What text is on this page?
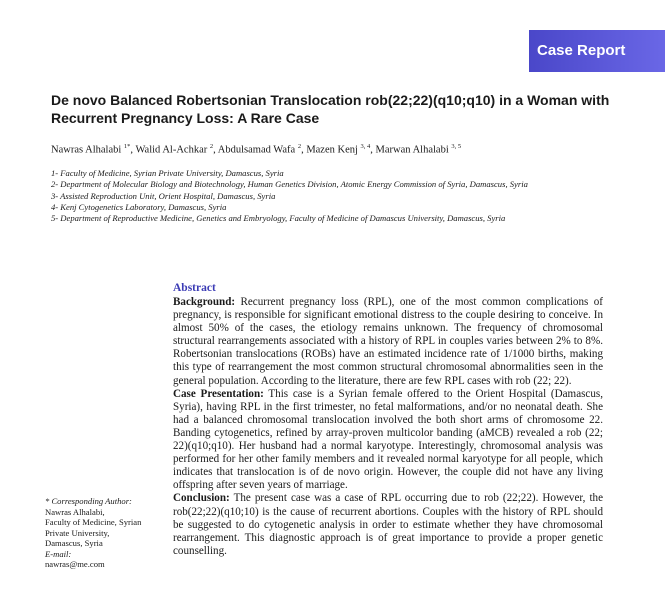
Case Report
De novo Balanced Robertsonian Translocation rob(22;22)(q10;q10) in a Woman with Recurrent Pregnancy Loss: A Rare Case
Nawras Alhalabi $^{1*}$, Walid Al-Achkar $^2$, Abdulsamad Wafa $^2$, Mazen Kenj $^{3, 4}$, Marwan Alhalabi $^{3, 5}$
1- Faculty of Medicine, Syrian Private University, Damascus, Syria
2- Department of Molecular Biology and Biotechnology, Human Genetics Division, Atomic Energy Commission of Syria, Damascus, Syria
3- Assisted Reproduction Unit, Orient Hospital, Damascus, Syria
4- Kenj Cytogenetics Laboratory, Damascus, Syria
5- Department of Reproductive Medicine, Genetics and Embryology, Faculty of Medicine of Damascus University, Damascus, Syria
Abstract

Background: Recurrent pregnancy loss (RPL), one of the most common complications of pregnancy, is responsible for significant emotional distress to the couple desiring to conceive. In almost 50% of the cases, the etiology remains unknown. The frequency of chromosomal structural rearrangements associated with a history of RPL in couples varies between 2% to 8%. Robertsonian translocations (ROBs) have an estimated incidence rate of 1/1000 births, making this type of rearrangement the most common structural chromosomal abnormalities seen in the general population. According to the literature, there are few RPL cases with rob (22; 22).

Case Presentation: This case is a Syrian female offered to the Orient Hospital (Damascus, Syria), having RPL in the first trimester, no fetal malformations, and/or no neonatal death. She had a balanced chromosomal translocation involved the both short arms of chromosome 22. Banding cytogenetics, refined by array-proven multicolor banding (aMCB) revealed a rob (22; 22)(q10;q10). Her husband had a normal karyotype. Interestingly, chromosomal analysis was performed for her other family members and it revealed normal karyotype for all people, which indicates that translocation is of de novo origin. However, the couple did not have any living offspring after seven years of marriage.

Conclusion: The present case was a case of RPL occurring due to rob (22;22). However, the rob(22;22)(q10;10) is the cause of recurrent abortions. Couples with the history of RPL should be suggested to do cytogenetic analysis in order to estimate whether they have chromosomal rearrangement. This diagnostic approach is of great importance to provide a proper genetic counselling.

* Corresponding Author:
Nawras Alhalabi,
Faculty of Medicine, Syrian
Private University,
Damascus, Syria
E-mail:
nawras@me.com
